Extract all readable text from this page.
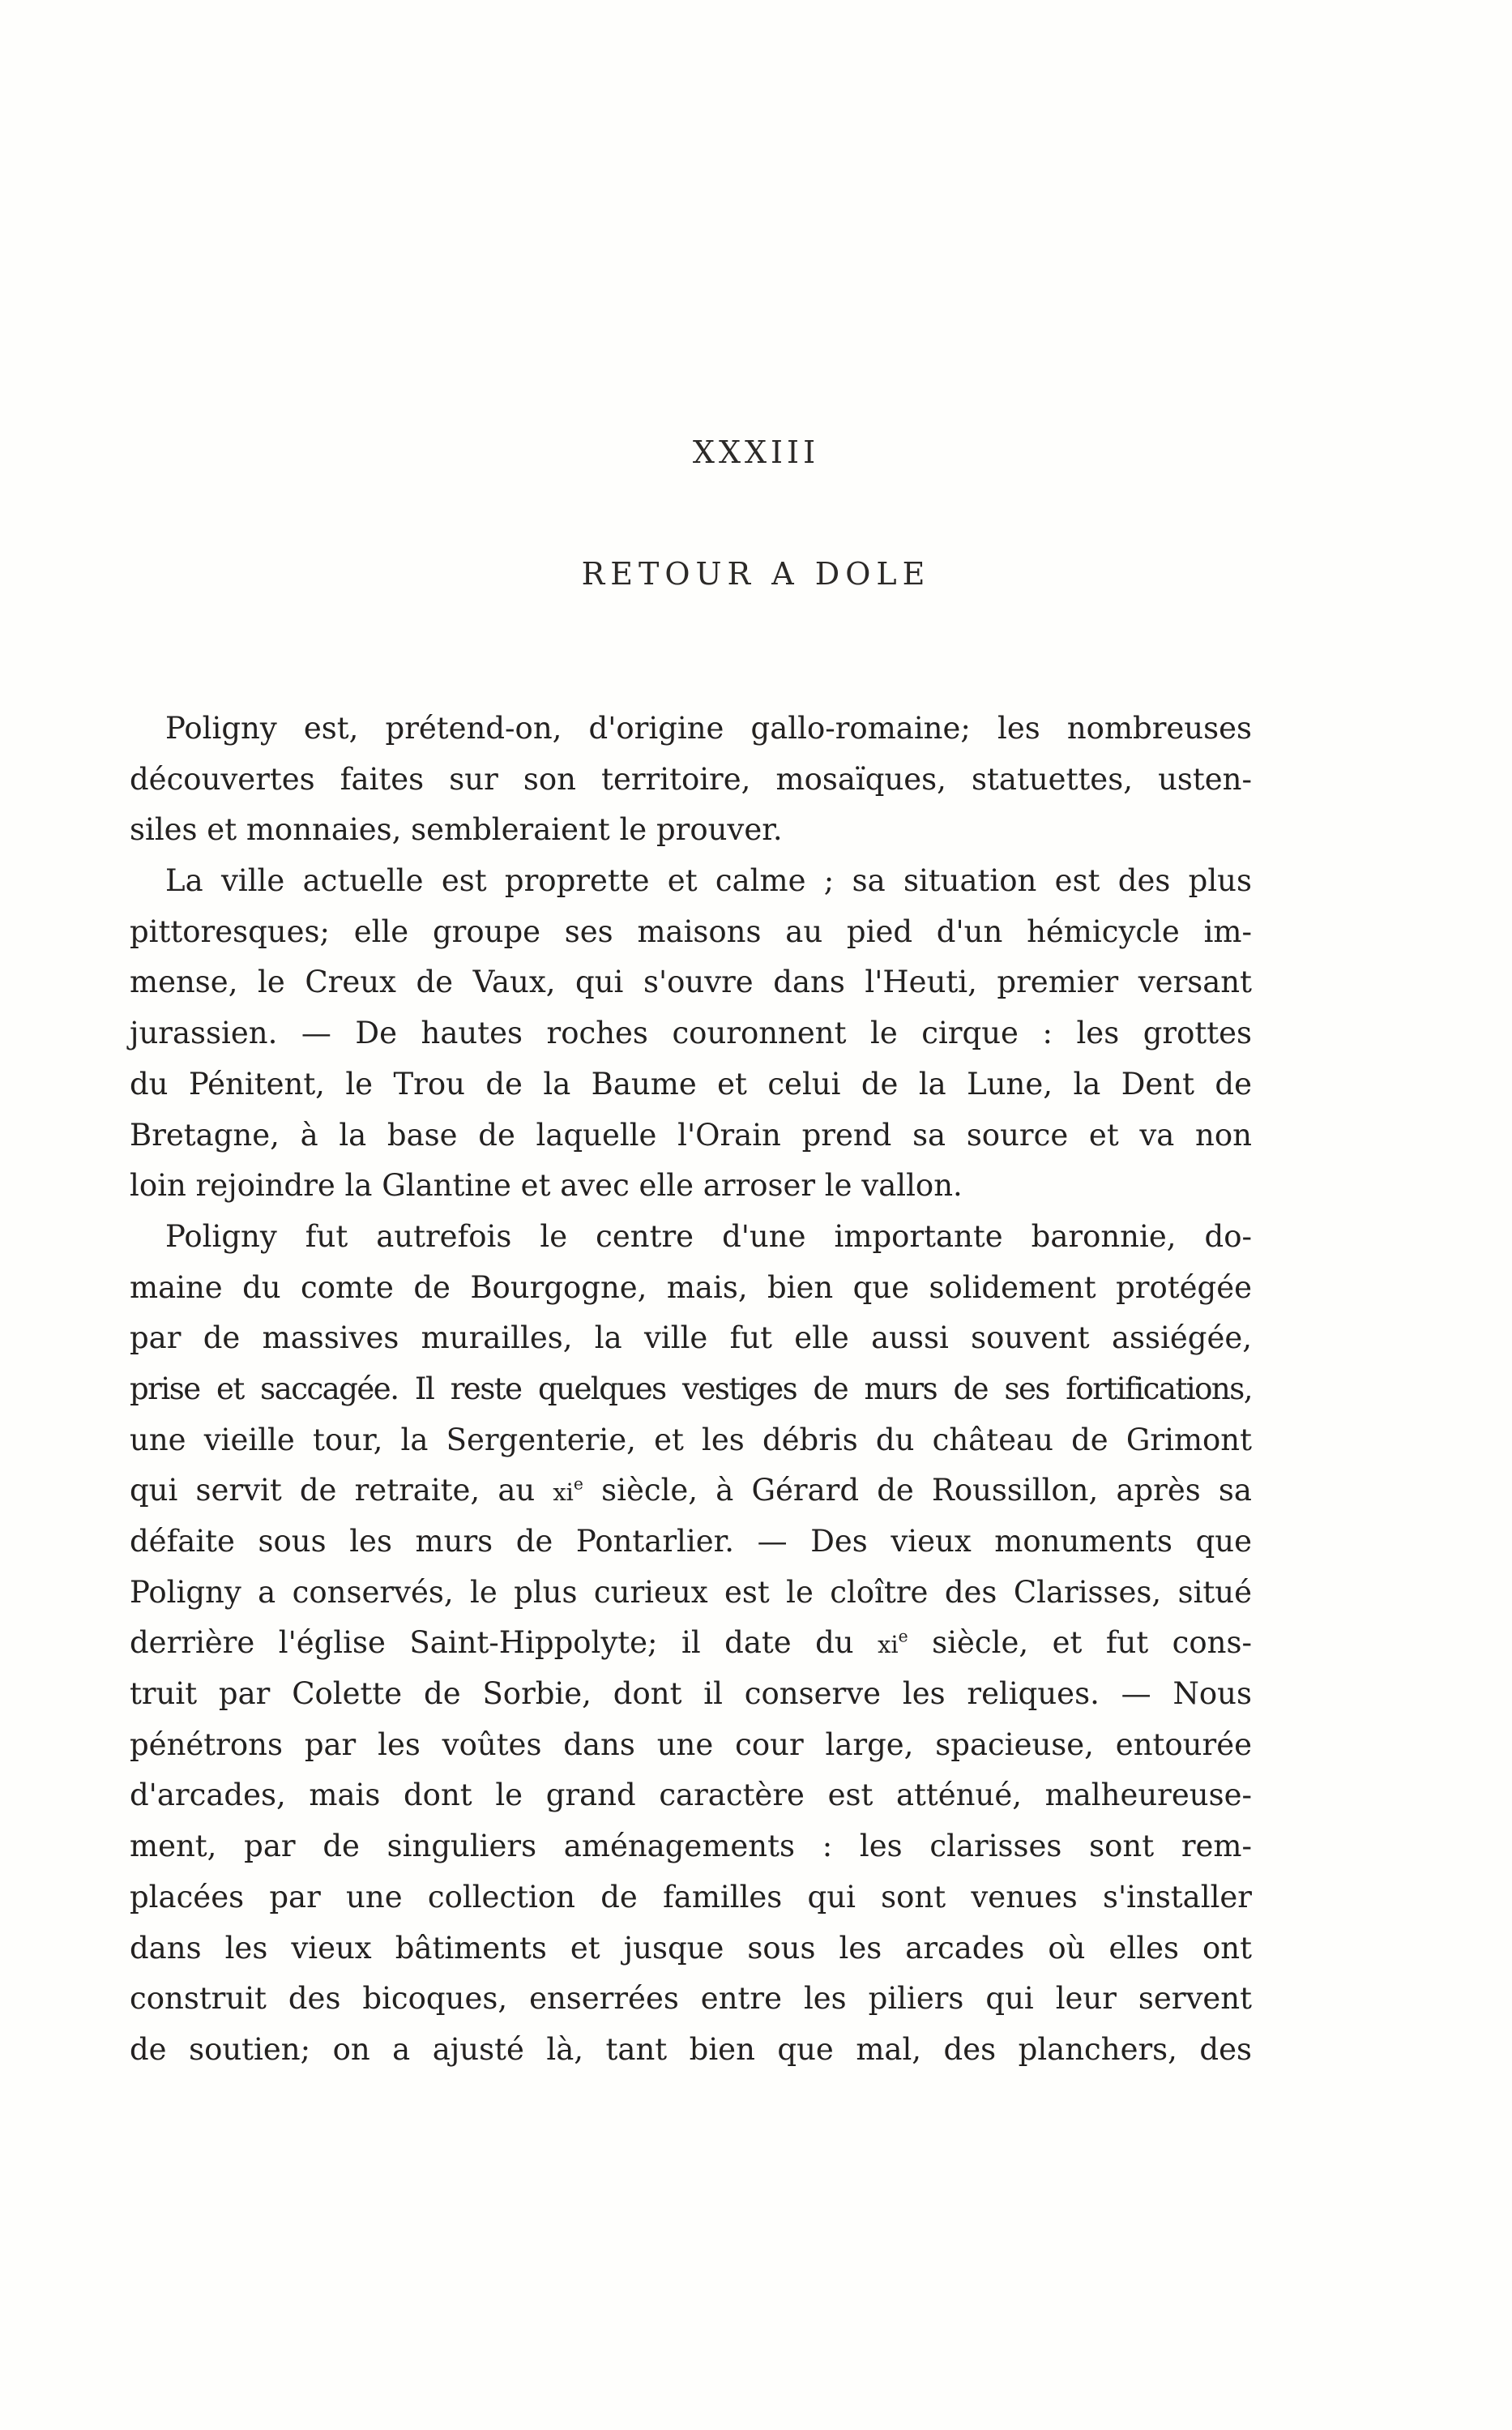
XXXIII
RETOUR A DOLE
Poligny est, prétend-on, d'origine gallo-romaine; les nombreuses
découvertes faites sur son territoire, mosaïques, statuettes, usten-
siles et monnaies, sembleraient le prouver.
La ville actuelle est proprette et calme ; sa situation est des plus
pittoresques; elle groupe ses maisons au pied d'un hémicycle im-
mense, le Creux de Vaux, qui s'ouvre dans l'Heuti, premier versant
jurassien. — De hautes roches couronnent le cirque : les grottes
du Pénitent, le Trou de la Baume et celui de la Lune, la Dent de
Bretagne, à la base de laquelle l'Orain prend sa source et va non
loin rejoindre la Glantine et avec elle arroser le vallon.
Poligny fut autrefois le centre d'une importante baronnie, do-
maine du comte de Bourgogne, mais, bien que solidement protégée
par de massives murailles, la ville fut elle aussi souvent assiégée,
prise et saccagée. Il reste quelques vestiges de murs de ses fortifications,
une vieille tour, la Sergenterie, et les débris du château de Grimont
qui servit de retraite, au $xi^e$ siècle, à Gérard de Roussillon, après sa
défaite sous les murs de Pontarlier. — Des vieux monuments que
Poligny a conservés, le plus curieux est le cloître des Clarisses, situé
derrière l'église Saint-Hippolyte; il date du $xi^e$ siècle, et fut cons-
truit par Colette de Sorbie, dont il conserve les reliques. — Nous
pénétrons par les voûtes dans une cour large, spacieuse, entourée
d'arcades, mais dont le grand caractère est atténué, malheureuse-
ment, par de singuliers aménagements : les clarisses sont rem-
placées par une collection de familles qui sont venues s'installer
dans les vieux bâtiments et jusque sous les arcades où elles ont
construit des bicoques, enserrées entre les piliers qui leur servent
de soutien; on a ajusté là, tant bien que mal, des planchers, des
